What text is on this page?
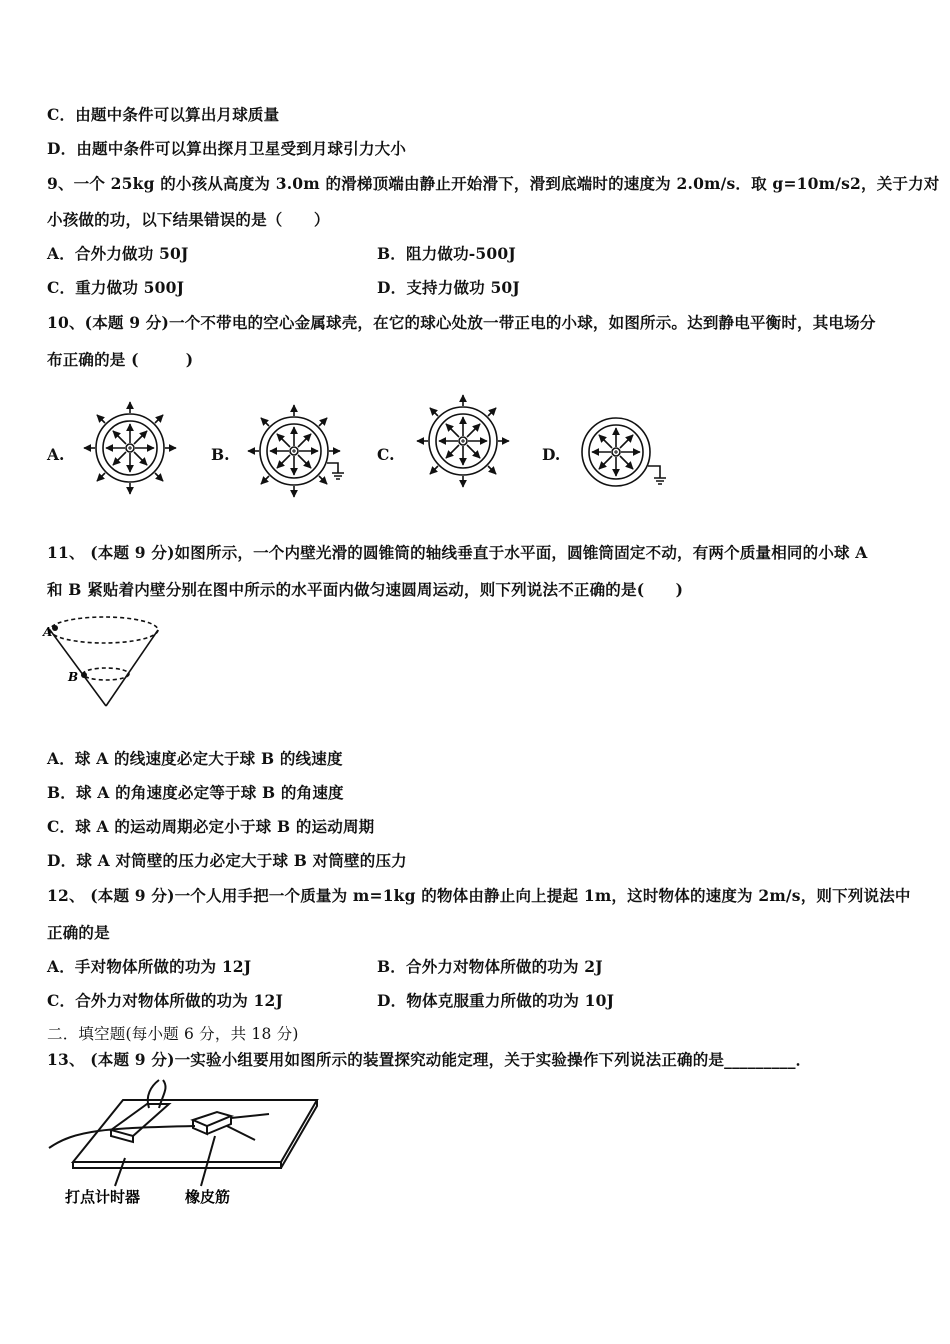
C．由题中条件可以算出月球质量
D．由题中条件可以算出探月卫星受到月球引力大小
9、一个 25kg 的小孩从高度为 3.0m 的滑梯顶端由静止开始滑下，滑到底端时的速度为 2.0m/s．取 g=10m/s2，关于力对
小孩做的功，以下结果错误的是（　　）
A．合外力做功 50J	B．阻力做功-500J
C．重力做功 500J	D．支持力做功 50J
10、(本题 9 分)一个不带电的空心金属球壳，在它的球心处放一带正电的小球，如图所示。达到静电平衡时，其电场分
布正确的是 (　　　)
A.	B.	C.	D.
11、 (本题 9 分)如图所示，一个内壁光滑的圆锥筒的轴线垂直于水平面，圆锥筒固定不动，有两个质量相同的小球 A
和 B 紧贴着内壁分别在图中所示的水平面内做匀速圆周运动，则下列说法不正确的是(　　)
A
B
A．球 A 的线速度必定大于球 B 的线速度
B．球 A 的角速度必定等于球 B 的角速度
C．球 A 的运动周期必定小于球 B 的运动周期
D．球 A 对筒壁的压力必定大于球 B 对筒壁的压力
12、 (本题 9 分)一个人用手把一个质量为 m=1kg 的物体由静止向上提起 1m，这时物体的速度为 2m/s，则下列说法中
正确的是
A．手对物体所做的功为 12J	B．合外力对物体所做的功为 2J
C．合外力对物体所做的功为 12J	D．物体克服重力所做的功为 10J
二．填空题(每小题 6 分，共 18 分)
13、 (本题 9 分)一实验小组要用如图所示的装置探究动能定理，关于实验操作下列说法正确的是_________．
打点计时器	橡皮筋
